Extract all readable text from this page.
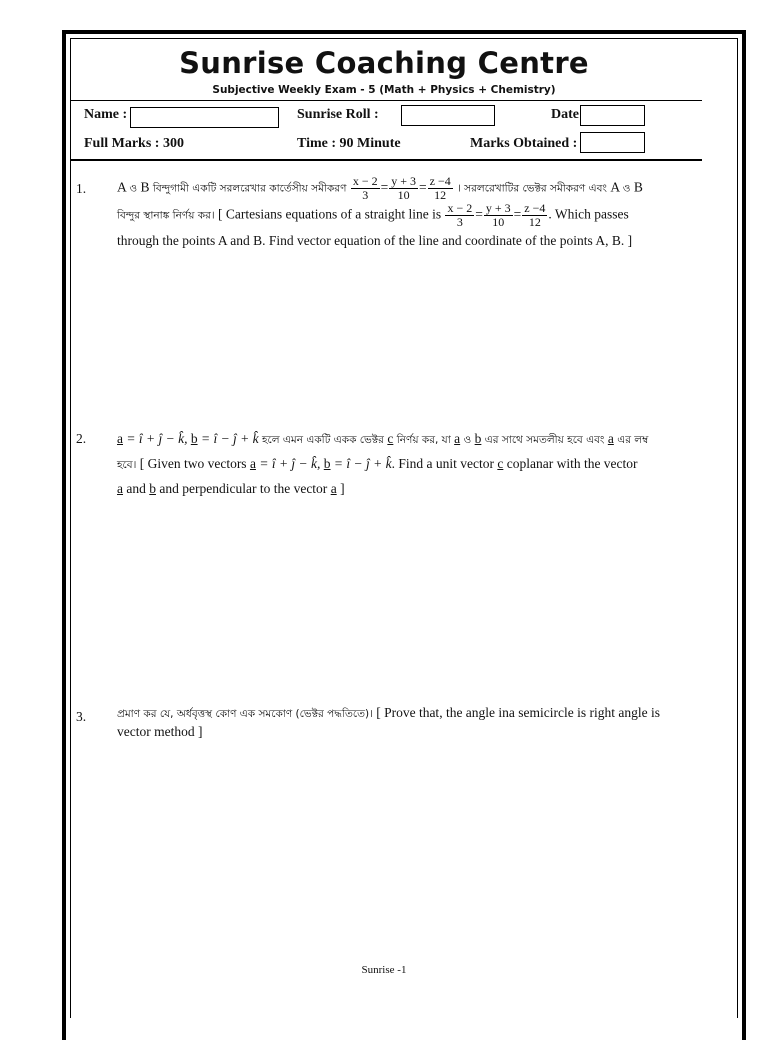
Sunrise Coaching Centre
Subjective Weekly Exam - 5 (Math + Physics + Chemistry)
Name :	Sunrise Roll :	Date
Full Marks : 300	Time : 90 Minute	Marks Obtained :
1. A ও B বিন্দুগামী একটি সরলরেখার কার্তেসীয় সমীকরণ $\frac{x - 2}{3} = \frac{y + 3}{10} = \frac{z -4}{12}$ । সরলরেখাটির ভেক্টর সমীকরণ এবং A ও B
বিন্দুর স্থানাঙ্ক নির্ণয় কর। [ Cartesians equations of a straight line is $\frac{x - 2}{3} = \frac{y + 3}{10} = \frac{z -4}{12}$ . Which passes
through the points A and B. Find vector equation of the line and coordinate of the points A, B. ]
2. a = î + ĵ − k̂, b = î − ĵ + k̂ হলে এমন একটি একক ভেক্টর c নির্ণয় কর, যা a ও b এর সাথে সমতলীয় হবে এবং a এর লম্ব
হবে। [ Given two vectors a = î + ĵ − k̂, b = î − ĵ + k̂. Find a unit vector c coplanar with the vector
a and b and perpendicular to the vector a ]
3.	প্রমাণ কর যে, অর্ধবৃত্তস্থ কোণ এক সমকোণ (ভেক্টর পদ্ধতিতে)। [ Prove that, the angle ina semicircle is right angle is vector method ]
Sunrise -1
